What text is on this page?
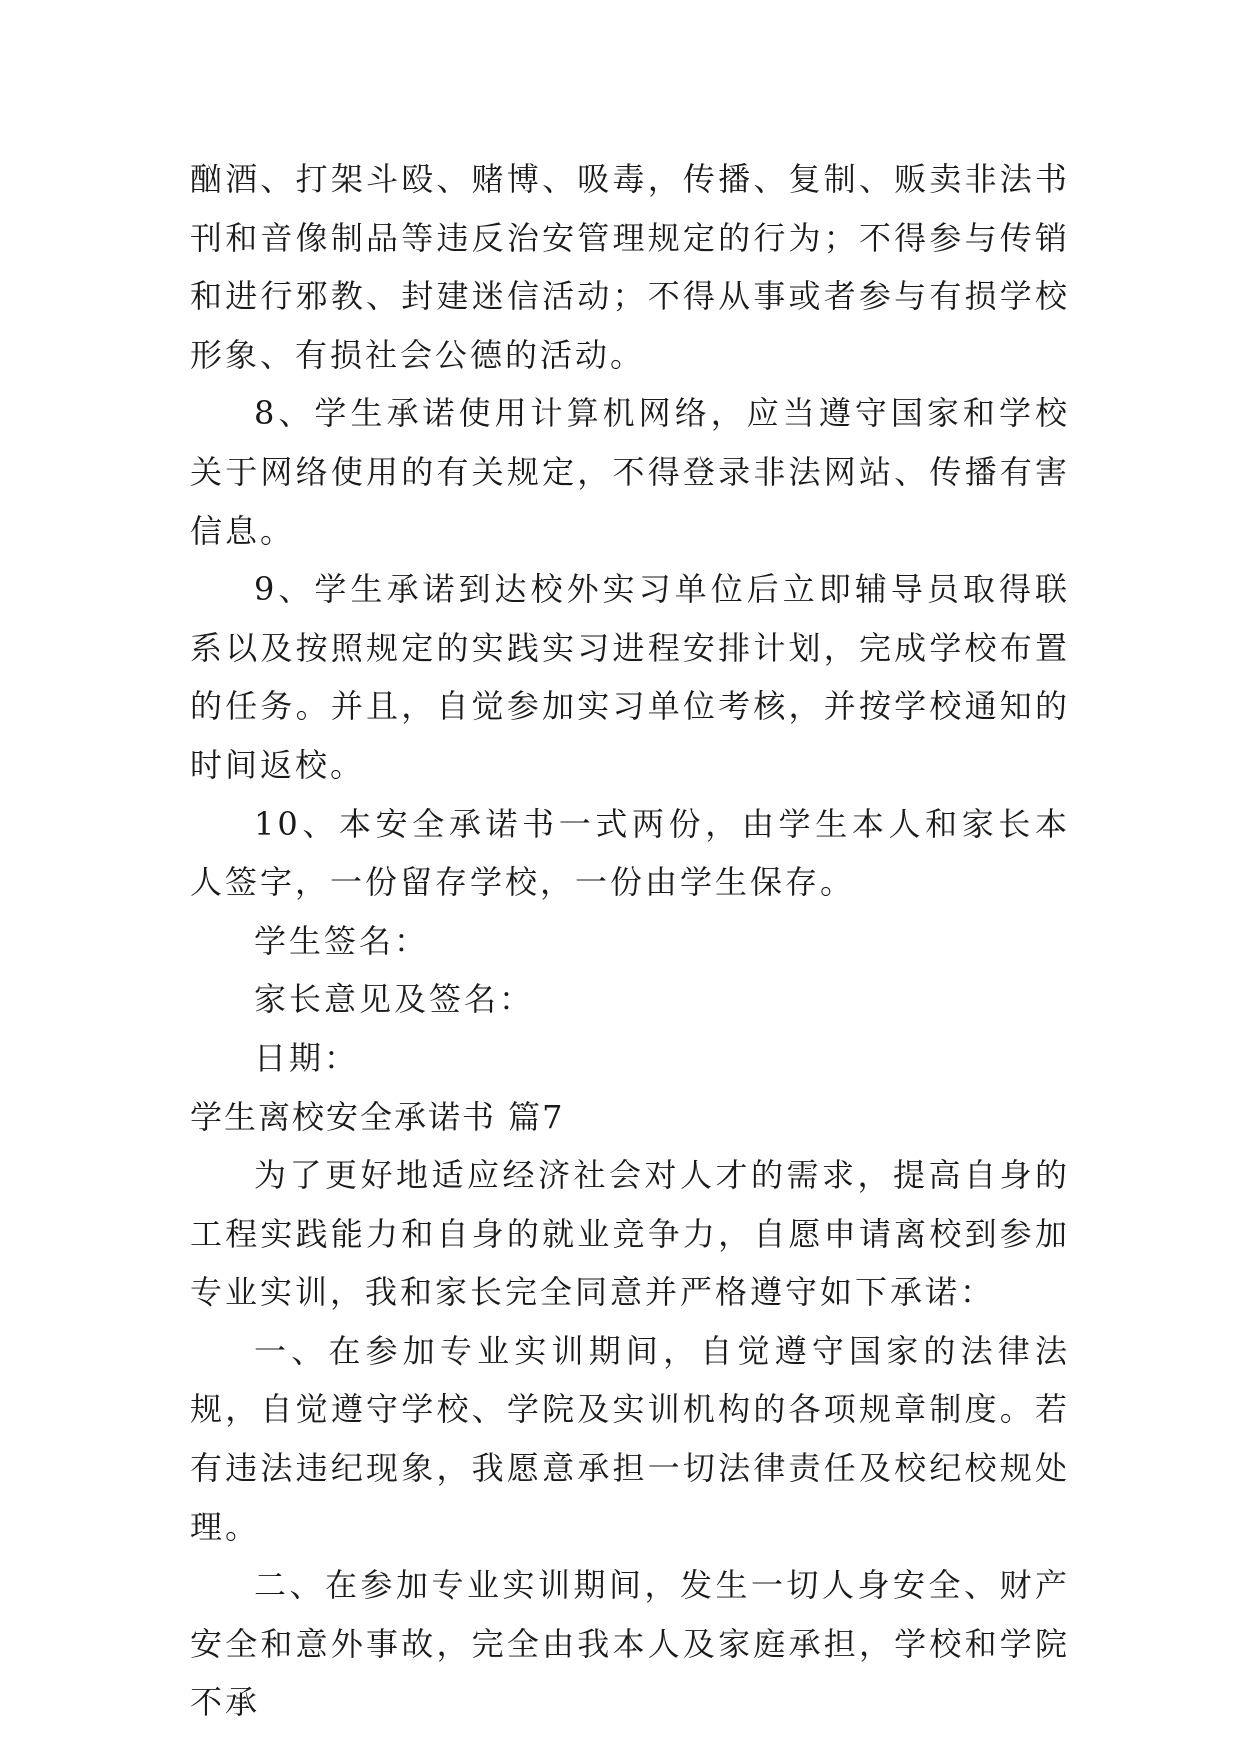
酗酒、打架斗殴、赌博、吸毒，传播、复制、贩卖非法书刊和音像制品等违反治安管理规定的行为；不得参与传销和进行邪教、封建迷信活动；不得从事或者参与有损学校形象、有损社会公德的活动。

8、学生承诺使用计算机网络，应当遵守国家和学校关于网络使用的有关规定，不得登录非法网站、传播有害信息。

9、学生承诺到达校外实习单位后立即辅导员取得联系以及按照规定的实践实习进程安排计划，完成学校布置的任务。并且，自觉参加实习单位考核，并按学校通知的时间返校。

10、本安全承诺书一式两份，由学生本人和家长本人签字，一份留存学校，一份由学生保存。

学生签名：

家长意见及签名：

日期：

学生离校安全承诺书 篇7

为了更好地适应经济社会对人才的需求，提高自身的工程实践能力和自身的就业竞争力，自愿申请离校到参加专业实训，我和家长完全同意并严格遵守如下承诺：

一、在参加专业实训期间，自觉遵守国家的法律法规，自觉遵守学校、学院及实训机构的各项规章制度。若有违法违纪现象，我愿意承担一切法律责任及校纪校规处理。

二、在参加专业实训期间，发生一切人身安全、财产安全和意外事故，完全由我本人及家庭承担，学校和学院不承
